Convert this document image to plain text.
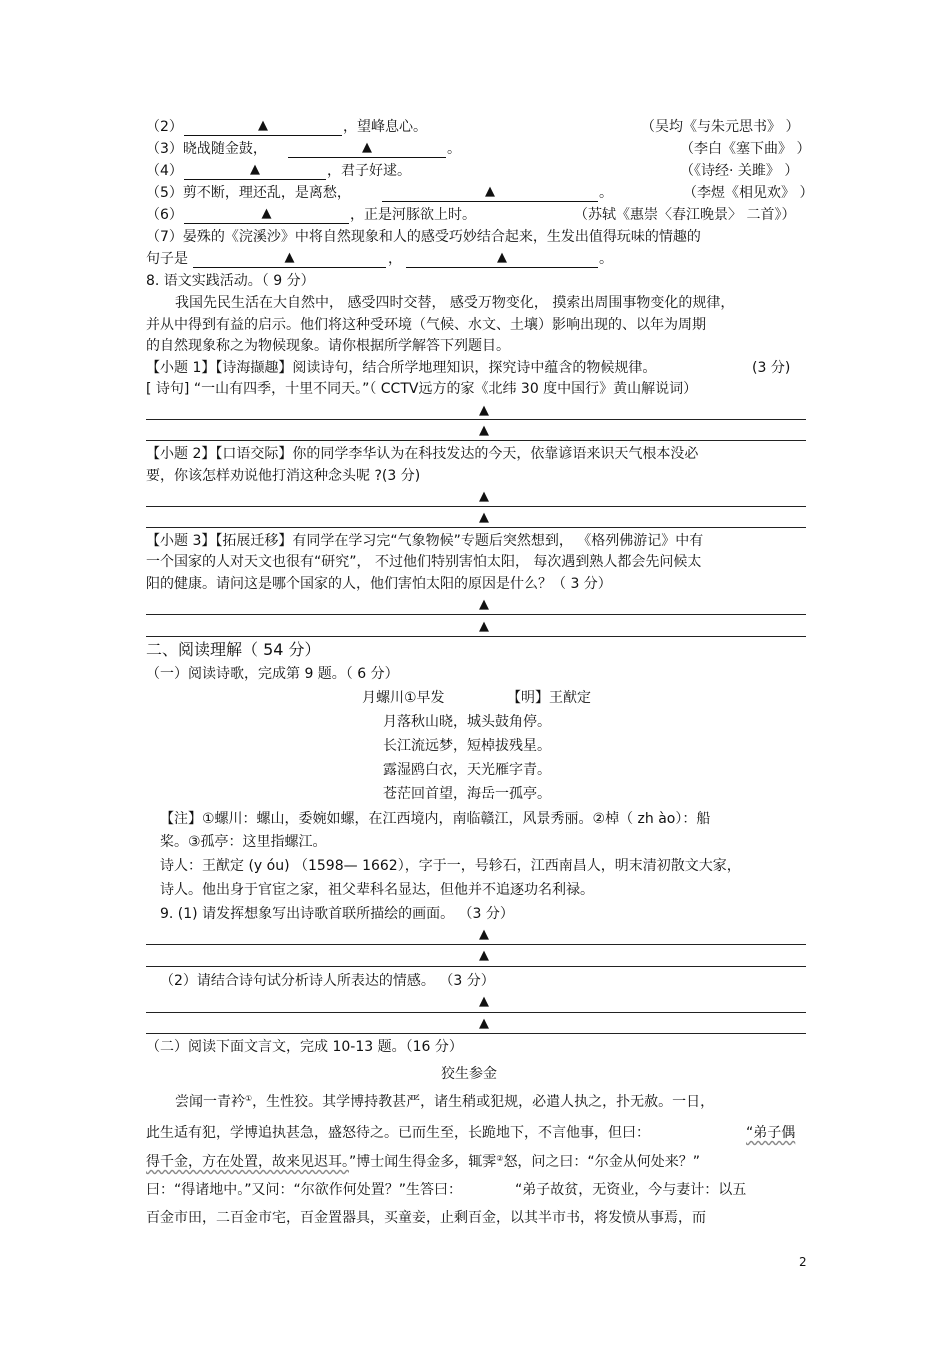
（2）	▲	，望峰息心。	（吴均《与朱元思书》 ）
（3）晓战随金鼓，	▲	。	（李白《塞下曲》 ）
（4）	▲	，君子好逑。	（《诗经· 关雎》 ）
（5）剪不断，理还乱，是离愁，	▲	。	（李煜《相见欢》 ）
（6）	▲	，正是河豚欲上时。	（苏轼《惠崇〈春江晚景〉 二首》）
（7）晏殊的《浣溪沙》中将自然现象和人的感受巧妙结合起来，生发出值得玩味的情趣的
句子是	▲	，	▲	。
8. 语文实践活动。（ 9 分）
我国先民生活在大自然中， 感受四时交替， 感受万物变化， 摸索出周围事物变化的规律，
并从中得到有益的启示。他们将这种受环境（气候、水文、土壤）影响出现的、以年为周期
的自然现象称之为物候现象。请你根据所学解答下列题目。
【小题 1】【诗海撷趣】阅读诗句，结合所学地理知识，探究诗中蕴含的物候规律。	(3 分)
[ 诗句] “一山有四季，十里不同天。”（ CCTV远方的家《北纬 30 度中国行》黄山解说词）
▲
▲
【小题 2】【口语交际】你的同学李华认为在科技发达的今天，依靠谚语来识天气根本没必
要，你该怎样劝说他打消这种念头呢 ?(3 分)
▲
▲
【小题 3】【拓展迁移】有同学在学习完“气象物候”专题后突然想到， 《格列佛游记》中有
一个国家的人对天文也很有“研究”， 不过他们特别害怕太阳， 每次遇到熟人都会先问候太
阳的健康。请问这是哪个国家的人，他们害怕太阳的原因是什么？（ 3 分）
▲
▲
二、阅读理解（ 54 分）
（一）阅读诗歌，完成第 9 题。（ 6 分）
月螺川①早发	【明】王猷定
月落秋山晓，城头鼓角停。
长江流远梦，短棹拔残星。
露湿鸥白衣，天光雁字青。
苍茫回首望，海岳一孤亭。
【注】①螺川：螺山，委婉如螺，在江西境内，南临赣江，风景秀丽。②棹（ zh ào）：船
桨。③孤亭：这里指螺江。
诗人：王猷定 (y óu) （1598— 1662），字于一，号轸石，江西南昌人，明末清初散文大家，
诗人。他出身于官宦之家，祖父辈科名显达，但他并不追逐功名利禄。
9. (1) 请发挥想象写出诗歌首联所描绘的画面。 （3 分）
▲
▲
（2）请结合诗句试分析诗人所表达的情感。 （3 分）
▲
▲
（二）阅读下面文言文，完成 10-13 题。（16 分）
狡生参金
尝闻一青衿①，生性狡。其学博持教甚严，诸生稍或犯规，必遣人执之，扑无赦。一日，
此生适有犯，学博追执甚急，盛怒待之。已而生至，长跪地下，不言他事，但曰：	“弟子偶
得千金，方在处置，故来见迟耳。”博士闻生得金多，辄霁②怒，问之曰：“尔金从何处来？”
曰：“得诸地中。”又问：“尔欲作何处置？”生答曰：	“弟子故贫，无资业，今与妻计：以五
百金市田，二百金市宅，百金置器具，买童妾，止剩百金，以其半市书，将发愤从事焉，而
2
